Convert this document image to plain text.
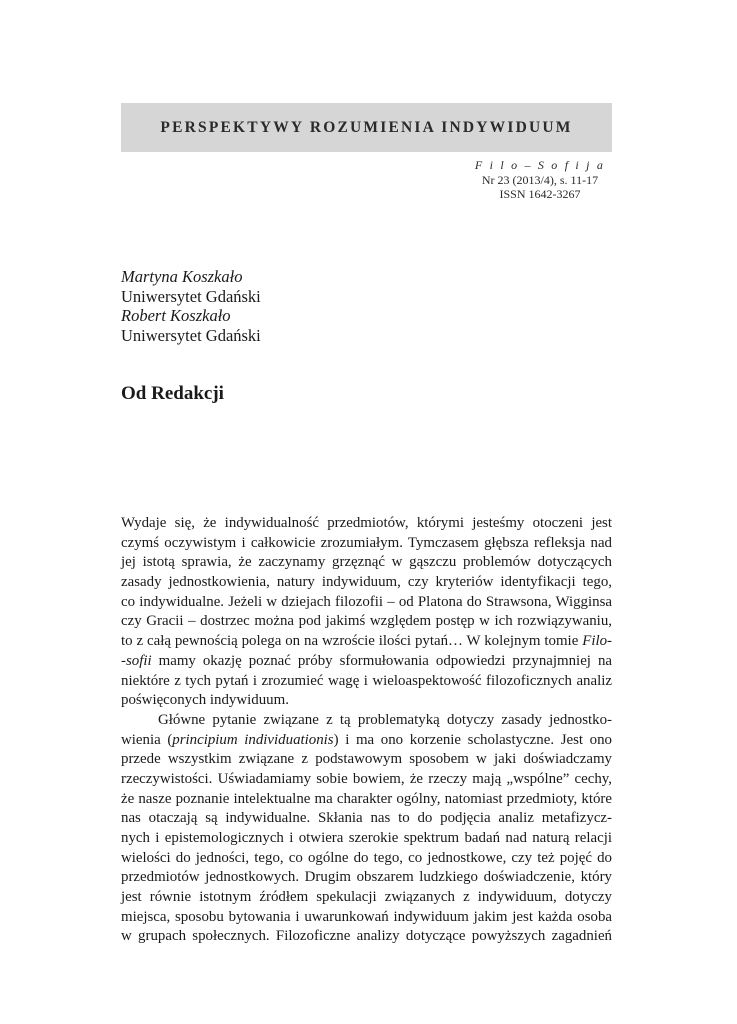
PERSPEKTYWY ROZUMIENIA INDYWIDUUM
F i l o – S o f i j a
Nr 23 (2013/4), s. 11-17
ISSN 1642-3267
Martyna Koszkało
Uniwersytet Gdański
Robert Koszkało
Uniwersytet Gdański
Od Redakcji
Wydaje się, że indywidualność przedmiotów, którymi jesteśmy otoczeni jest
czymś oczywistym i całkowicie zrozumiałym. Tymczasem głębsza refleksja nad
jej istotą sprawia, że zaczynamy grzęznąć w gąszczu problemów dotyczących
zasady jednostkowienia, natury indywiduum, czy kryteriów identyfikacji tego,
co indywidualne. Jeżeli w dziejach filozofii – od Platona do Strawsona, Wigginsa
czy Gracii – dostrzec można pod jakimś względem postęp w ich rozwiązywaniu,
to z całą pewnością polega on na wzroście ilości pytań… W kolejnym tomie Filo-
-sofii mamy okazję poznać próby sformułowania odpowiedzi przynajmniej na
niektóre z tych pytań i zrozumieć wagę i wieloaspektowość filozoficznych analiz
poświęconych indywiduum.
Główne pytanie związane z tą problematyką dotyczy zasady jednostko-
wienia (principium individuationis) i ma ono korzenie scholastyczne. Jest ono
przede wszystkim związane z podstawowym sposobem w jaki doświadczamy
rzeczywistości. Uświadamiamy sobie bowiem, że rzeczy mają „wspólne” cechy,
że nasze poznanie intelektualne ma charakter ogólny, natomiast przedmioty, które
nas otaczają są indywidualne. Skłania nas to do podjęcia analiz metafizycz-
nych i epistemologicznych i otwiera szerokie spektrum badań nad naturą relacji
wielości do jedności, tego, co ogólne do tego, co jednostkowe, czy też pojęć do
przedmiotów jednostkowych. Drugim obszarem ludzkiego doświadczenie, który
jest równie istotnym źródłem spekulacji związanych z indywiduum, dotyczy
miejsca, sposobu bytowania i uwarunkowań indywiduum jakim jest każda osoba
w grupach społecznych. Filozoficzne analizy dotyczące powyższych zagadnień
